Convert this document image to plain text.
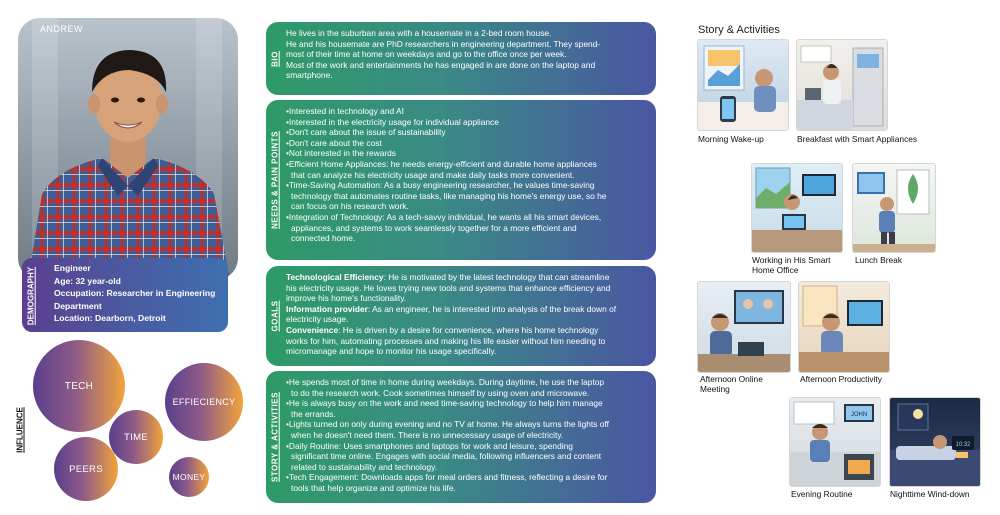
ANDREW
DEMOGRAPHY	Engineer
Age: 32 year-old
Occupation: Researcher in Engineering
Department
Location: Dearborn, Detroit
INFLUENCE
TECH
EFFIECIENCY
TIME
PEERS
MONEY
BIO

He lives in the suburban area with a housemate in a 2-bed room house.

He and his housemate are PhD researchers in engineering department. They spend-

most of their time at home on weekdays and go to the office once per week.

Most of the work and entertainments he has engaged in are done on the laptop and

smartphone.

NEEDS & PAIN POINTS

•Interested in technology and AI

•Interested in the electricity usage for individual appliance

•Don't care about the issue of sustainability

•Don't care about the cost

•Not interested in the rewards

•Efficient Home Appliances: he needs energy-efficient and durable home appliances

that can analyze his electricity usage and make daily tasks more convenient.

•Time-Saving Automation: As a busy engineering researcher, he values time-saving

technology that automates routine tasks, like managing his home's energy use, so he

can focus on his research work.

•Integration of Technology: As a tech-savvy individual, he wants all his smart devices,

appliances, and systems to work seamlessly together for a more efficient and

connected home.

GOALS

Technological Efficiency: He is motivated by the latest technology that can streamline

his electricity usage. He loves trying new tools and systems that enhance efficiency and

improve his home's functionality.

Information provider: As an engineer, he is interested into analysis of the break down of

electricity usage.

Convenience: He is driven by a desire for convenience, where his home technology

works for him, automating processes and making his life easier without him needing to

micromanage and hope to monitor his usage specifically.

STORY & ACTIVITIES

•He spends most of time in home during weekdays. During daytime, he use the laptop

to do the research work. Cook sometimes himself by using oven and microwave.

•He is always busy on the work and need time-saving technology to help him manage

the errands.

•Lights turned on only during evening and no TV at home. He always turns the lights off

when he doesn't need them. There is no unnecessary usage of electricity.

•Daily Routine: Uses smartphones and laptops for work and leisure, spending

significant time online. Engages with social media, following influencers and content

related to sustainability and technology.

•Tech Engagement: Downloads apps for meal orders and fitness, reflecting a desire for

tools that help organize and optimize his life.

Story & Activities
Morning Wake-up	Breakfast with Smart Appliances
Working in His Smart Home Office
Lunch Break
Afternoon Online Meeting
Afternoon Productivity
JOHN
Evening Routine
10:32
Nighttime Wind-down
